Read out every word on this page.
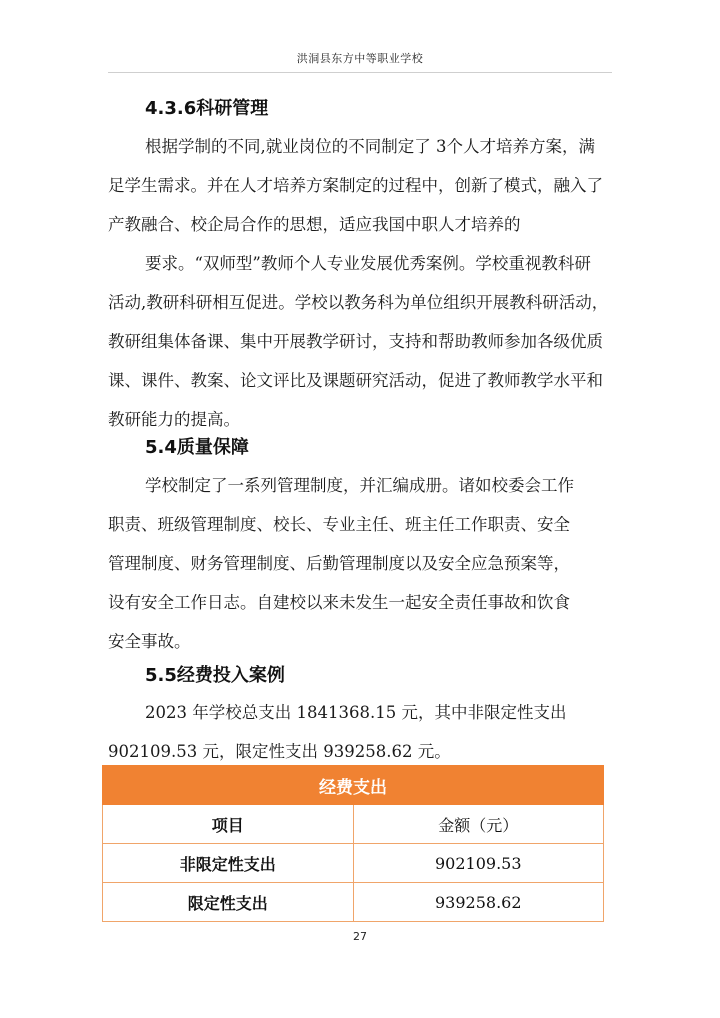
洪洞县东方中等职业学校
4.3.6科研管理
根据学制的不同,就业岗位的不同制定了 3个人才培养方案，满
足学生需求。并在人才培养方案制定的过程中，创新了模式，融入了
产教融合、校企局合作的思想，适应我国中职人才培养的
要求。“双师型”教师个人专业发展优秀案例。学校重视教科研
活动,教研科研相互促进。学校以教务科为单位组织开展教科研活动，
教研组集体备课、集中开展教学研讨，支持和帮助教师参加各级优质
课、课件、教案、论文评比及课题研究活动，促进了教师教学水平和
教研能力的提高。
5.4质量保障
学校制定了一系列管理制度，并汇编成册。诸如校委会工作
职责、班级管理制度、校长、专业主任、班主任工作职责、安全
管理制度、财务管理制度、后勤管理制度以及安全应急预案等，
设有安全工作日志。自建校以来未发生一起安全责任事故和饮食
安全事故。
5.5经费投入案例
2023 年学校总支出 1841368.15 元，其中非限定性支出
902109.53 元，限定性支出 939258.62 元。
经费支出	
项目	金额（元）
非限定性支出	902109.53
限定性支出	939258.62
27
